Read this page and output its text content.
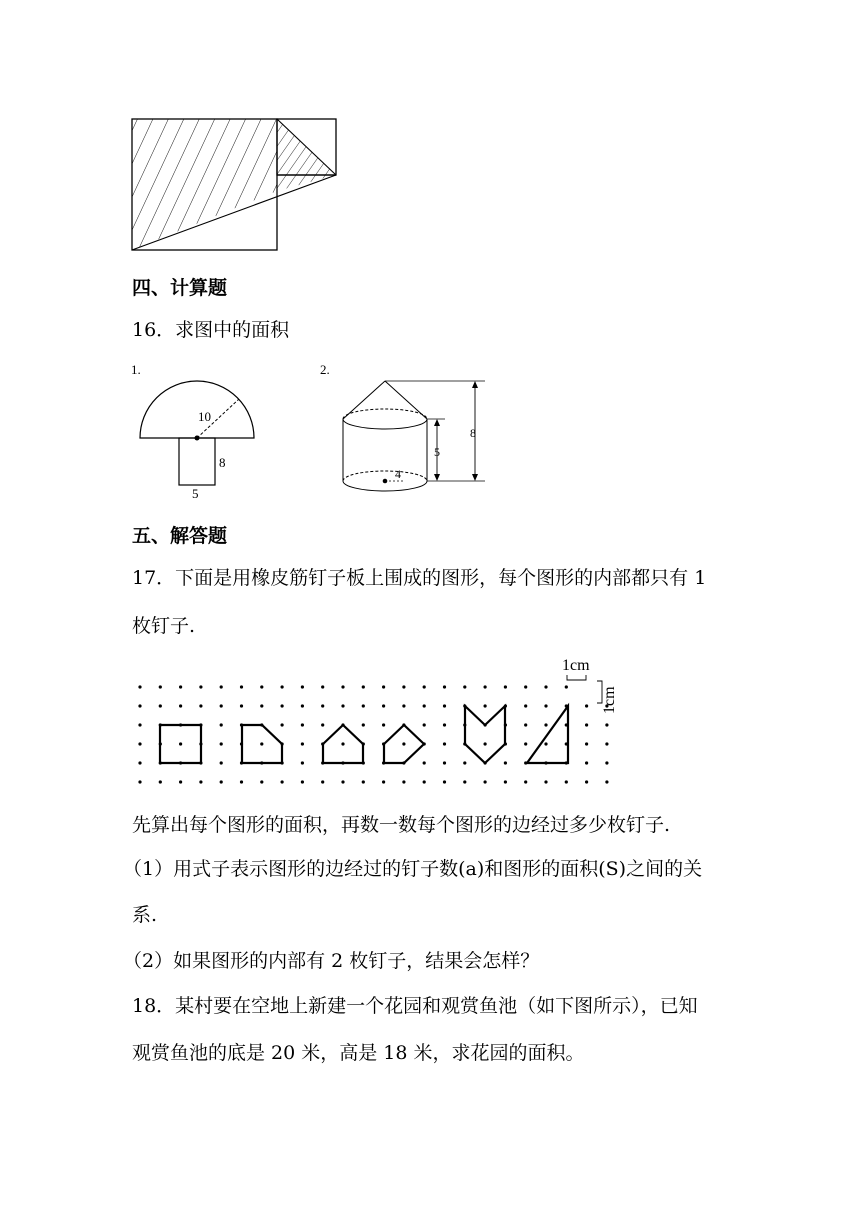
四、计算题
16．求图中的面积
1.
10
8
5
2.
4
5
8
五、解答题
17．下面是用橡皮筋钉子板上围成的图形，每个图形的内部都只有 1
枚钉子.
1cm
1cm
先算出每个图形的面积，再数一数每个图形的边经过多少枚钉子.
（1）用式子表示图形的边经过的钉子数(a)和图形的面积(S)之间的关
系.
（2）如果图形的内部有 2 枚钉子，结果会怎样？
18．某村要在空地上新建一个花园和观赏鱼池（如下图所示），已知
观赏鱼池的底是 20 米，高是 18 米，求花园的面积。
